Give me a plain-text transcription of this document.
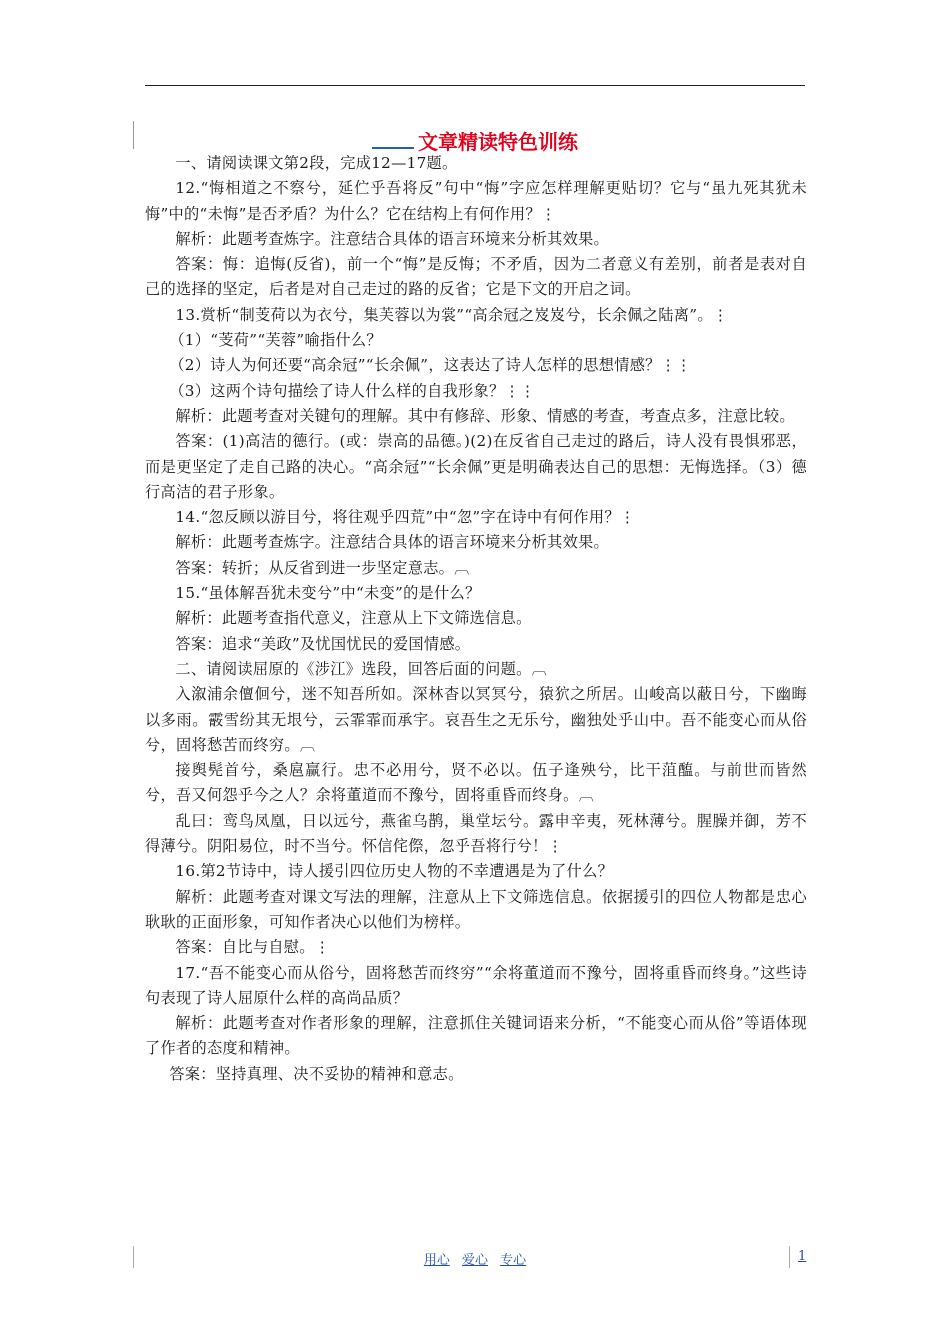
文章精读特色训练

一、请阅读课文第2段，完成12—17题。

12.“悔相道之不察兮，延伫乎吾将反”句中“悔”字应怎样理解更贴切？它与“虽九死其犹未悔”中的“未悔”是否矛盾？为什么？它在结构上有何作用？⋮

解析：此题考查炼字。注意结合具体的语言环境来分析其效果。

答案：悔：追悔(反省)，前一个“悔”是反悔；不矛盾，因为二者意义有差别，前者是表对自己的选择的坚定，后者是对自己走过的路的反省；它是下文的开启之词。

13.赏析“制芰荷以为衣兮，集芙蓉以为裳”“高余冠之岌岌兮，长余佩之陆离”。⋮

（1）“芰荷”“芙蓉”喻指什么？

（2）诗人为何还要“高余冠”“长余佩”，这表达了诗人怎样的思想情感？⋮⋮

（3）这两个诗句描绘了诗人什么样的自我形象？⋮⋮

解析：此题考查对关键句的理解。其中有修辞、形象、情感的考查，考查点多，注意比较。

答案：(1)高洁的德行。(或：崇高的品德。)(2)在反省自己走过的路后，诗人没有畏惧邪恶，而是更坚定了走自己路的决心。“高余冠”“长余佩”更是明确表达自己的思想：无悔选择。（3）德行高洁的君子形象。

14.“忽反顾以游目兮，将往观乎四荒”中“忽”字在诗中有何作用？⋮

解析：此题考查炼字。注意结合具体的语言环境来分析其效果。

答案：转折；从反省到进一步坚定意志。︹

15.“虽体解吾犹未变兮”中“未变”的是什么？

解析：此题考查指代意义，注意从上下文筛选信息。

答案：追求“美政”及忧国忧民的爱国情感。

二、请阅读屈原的《涉江》选段，回答后面的问题。︹

入溆浦余儃佪兮，迷不知吾所如。深林杳以冥冥兮，猿狖之所居。山峻高以蔽日兮，下幽晦以多雨。霰雪纷其无垠兮，云霏霏而承宇。哀吾生之无乐兮，幽独处乎山中。吾不能变心而从俗兮，固将愁苦而终穷。︹

接舆髡首兮，桑扈赢行。忠不必用兮，贤不必以。伍子逢殃兮，比干菹醢。与前世而皆然兮，吾又何怨乎今之人？余将董道而不豫兮，固将重昏而终身。︹

乱曰：鸾鸟凤凰，日以远兮，燕雀乌鹊，巢堂坛兮。露申辛夷，死林薄兮。腥臊并御，芳不得薄兮。阴阳易位，时不当兮。怀信侘傺，忽乎吾将行兮！⋮

16.第2节诗中，诗人援引四位历史人物的不幸遭遇是为了什么？

解析：此题考查对课文写法的理解，注意从上下文筛选信息。依据援引的四位人物都是忠心耿耿的正面形象，可知作者决心以他们为榜样。

答案：自比与自慰。⋮

17.“吾不能变心而从俗兮，固将愁苦而终穷”“余将董道而不豫兮，固将重昏而终身。”这些诗句表现了诗人屈原什么样的高尚品质？

解析：此题考查对作者形象的理解，注意抓住关键词语来分析，“不能变心而从俗”等语体现了作者的态度和精神。

答案：坚持真理、决不妥协的精神和意志。

用心 爱心 专心	1
